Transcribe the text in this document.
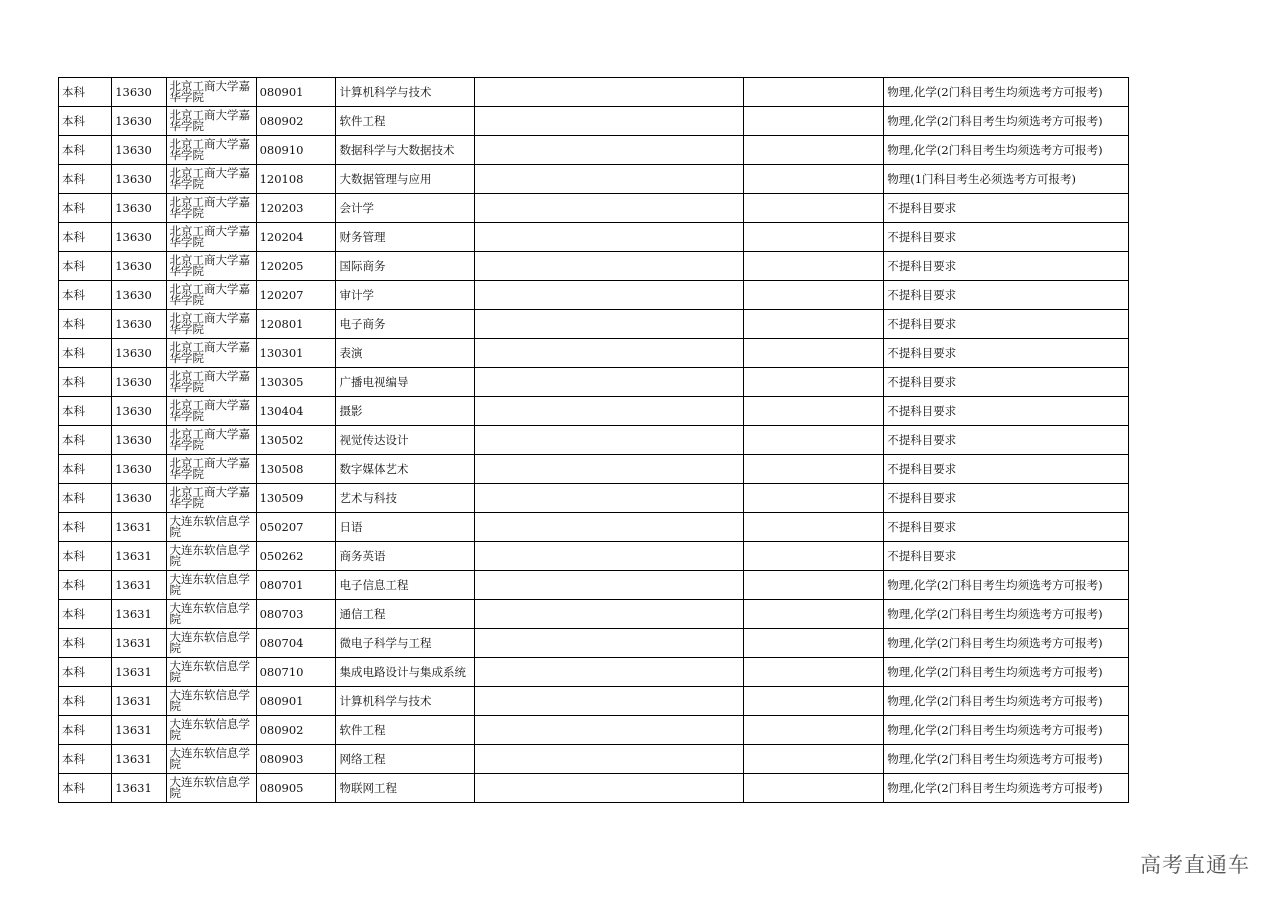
本科	13630	北京工商大学嘉华学院	080901	计算机科学与技术			物理,化学(2门科目考生均须选考方可报考)
本科	13630	北京工商大学嘉华学院	080902	软件工程			物理,化学(2门科目考生均须选考方可报考)
本科	13630	北京工商大学嘉华学院	080910	数据科学与大数据技术			物理,化学(2门科目考生均须选考方可报考)
本科	13630	北京工商大学嘉华学院	120108	大数据管理与应用			物理(1门科目考生必须选考方可报考)
本科	13630	北京工商大学嘉华学院	120203	会计学			不提科目要求
本科	13630	北京工商大学嘉华学院	120204	财务管理			不提科目要求
本科	13630	北京工商大学嘉华学院	120205	国际商务			不提科目要求
本科	13630	北京工商大学嘉华学院	120207	审计学			不提科目要求
本科	13630	北京工商大学嘉华学院	120801	电子商务			不提科目要求
本科	13630	北京工商大学嘉华学院	130301	表演			不提科目要求
本科	13630	北京工商大学嘉华学院	130305	广播电视编导			不提科目要求
本科	13630	北京工商大学嘉华学院	130404	摄影			不提科目要求
本科	13630	北京工商大学嘉华学院	130502	视觉传达设计			不提科目要求
本科	13630	北京工商大学嘉华学院	130508	数字媒体艺术			不提科目要求
本科	13630	北京工商大学嘉华学院	130509	艺术与科技			不提科目要求
本科	13631	大连东软信息学院	050207	日语			不提科目要求
本科	13631	大连东软信息学院	050262	商务英语			不提科目要求
本科	13631	大连东软信息学院	080701	电子信息工程			物理,化学(2门科目考生均须选考方可报考)
本科	13631	大连东软信息学院	080703	通信工程			物理,化学(2门科目考生均须选考方可报考)
本科	13631	大连东软信息学院	080704	微电子科学与工程			物理,化学(2门科目考生均须选考方可报考)
本科	13631	大连东软信息学院	080710	集成电路设计与集成系统			物理,化学(2门科目考生均须选考方可报考)
本科	13631	大连东软信息学院	080901	计算机科学与技术			物理,化学(2门科目考生均须选考方可报考)
本科	13631	大连东软信息学院	080902	软件工程			物理,化学(2门科目考生均须选考方可报考)
本科	13631	大连东软信息学院	080903	网络工程			物理,化学(2门科目考生均须选考方可报考)
本科	13631	大连东软信息学院	080905	物联网工程			物理,化学(2门科目考生均须选考方可报考)
高考直通车
